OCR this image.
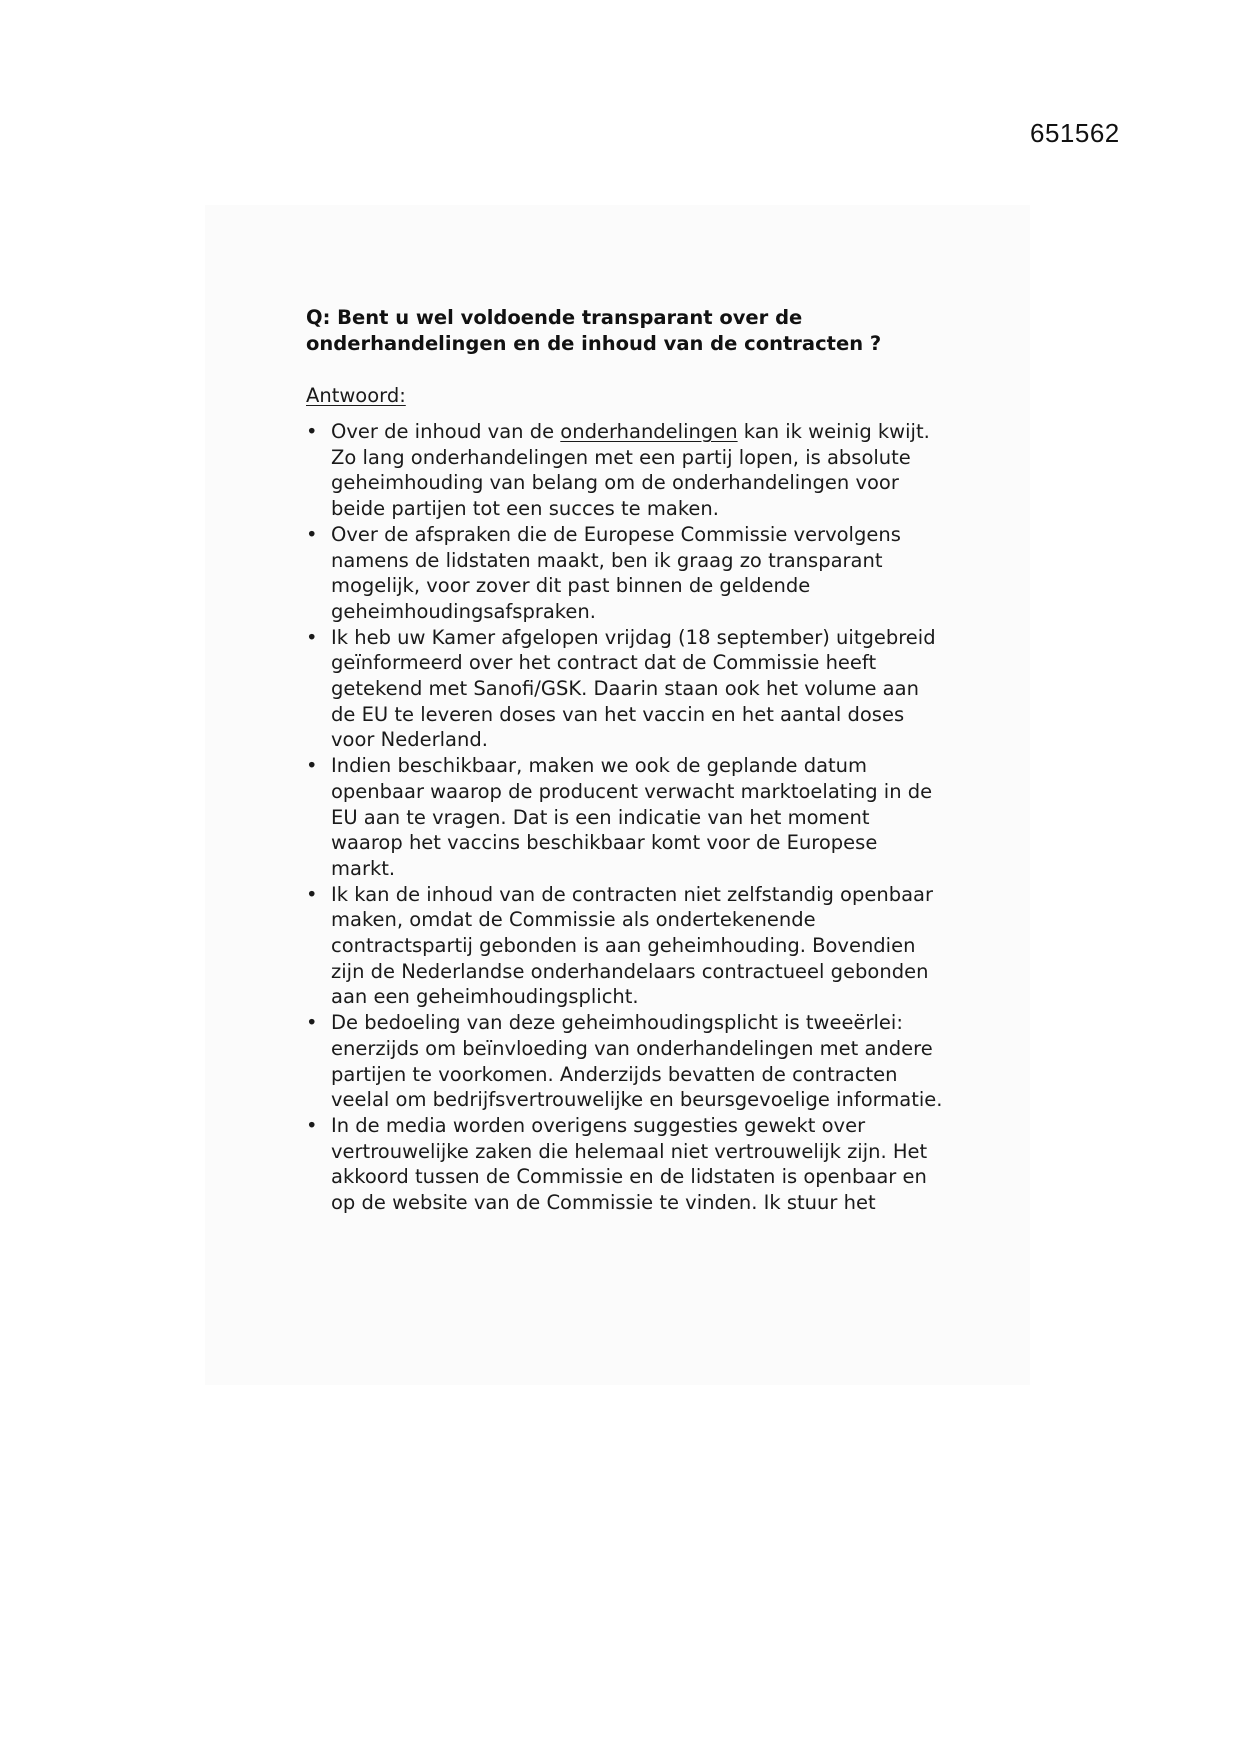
651562
Q: Bent u wel voldoende transparant over de onderhandelingen en de inhoud van de contracten ?
Antwoord:
• Over de inhoud van de onderhandelingen kan ik weinig kwijt. Zo lang onderhandelingen met een partij lopen, is absolute geheimhouding van belang om de onderhandelingen voor beide partijen tot een succes te maken.
• Over de afspraken die de Europese Commissie vervolgens namens de lidstaten maakt, ben ik graag zo transparant mogelijk, voor zover dit past binnen de geldende geheimhoudingsafspraken.
• Ik heb uw Kamer afgelopen vrijdag (18 september) uitgebreid geïnformeerd over het contract dat de Commissie heeft getekend met Sanofi/GSK. Daarin staan ook het volume aan de EU te leveren doses van het vaccin en het aantal doses voor Nederland.
• Indien beschikbaar, maken we ook de geplande datum openbaar waarop de producent verwacht marktoelating in de EU aan te vragen. Dat is een indicatie van het moment waarop het vaccins beschikbaar komt voor de Europese markt.
• Ik kan de inhoud van de contracten niet zelfstandig openbaar maken, omdat de Commissie als ondertekenende contractspartij gebonden is aan geheimhouding. Bovendien zijn de Nederlandse onderhandelaars contractueel gebonden aan een geheimhoudingsplicht.
• De bedoeling van deze geheimhoudingsplicht is tweeërlei: enerzijds om beïnvloeding van onderhandelingen met andere partijen te voorkomen. Anderzijds bevatten de contracten veelal om bedrijfsvertrouwelijke en beursgevoelige informatie.
• In de media worden overigens suggesties gewekt over vertrouwelijke zaken die helemaal niet vertrouwelijk zijn. Het akkoord tussen de Commissie en de lidstaten is openbaar en op de website van de Commissie te vinden. Ik stuur het
